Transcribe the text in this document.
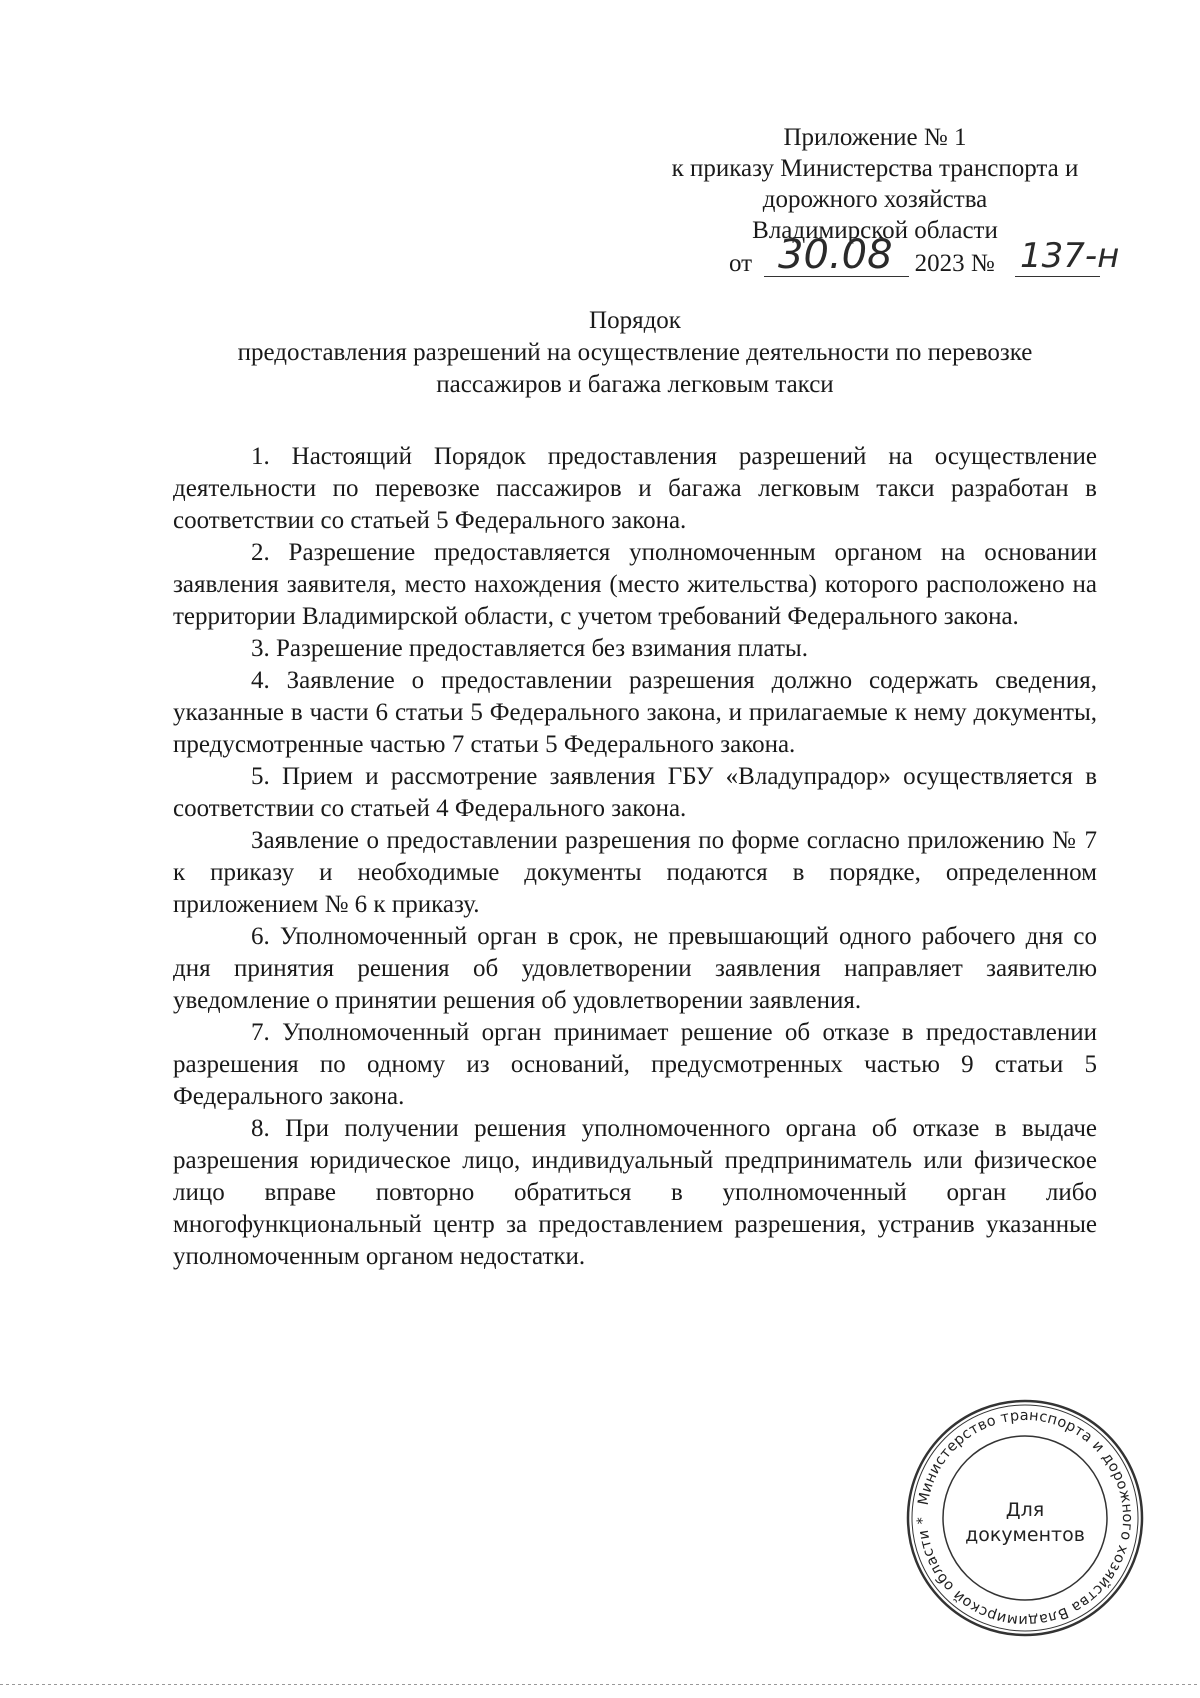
Приложение № 1
к приказу Министерства транспорта и
дорожного хозяйства
Владимирской области
от	2023 №
30.08	137-н
Порядок
предоставления разрешений на осуществление деятельности по перевозке
пассажиров и багажа легковым такси

1. Настоящий Порядок предоставления разрешений на осуществление деятельности по перевозке пассажиров и багажа легковым такси разработан в соответствии со статьей 5 Федерального закона.

2. Разрешение предоставляется уполномоченным органом на основании заявления заявителя, место нахождения (место жительства) которого расположено на территории Владимирской области, с учетом требований Федерального закона.

3. Разрешение предоставляется без взимания платы.

4. Заявление о предоставлении разрешения должно содержать сведения, указанные в части 6 статьи 5 Федерального закона, и прилагаемые к нему документы, предусмотренные частью 7 статьи 5 Федерального закона.

5. Прием и рассмотрение заявления ГБУ «Владупрадор» осуществляется в соответствии со статьей 4 Федерального закона.

Заявление о предоставлении разрешения по форме согласно приложению № 7 к приказу и необходимые документы подаются в порядке, определенном приложением № 6 к приказу.

6. Уполномоченный орган в срок, не превышающий одного рабочего дня со дня принятия решения об удовлетворении заявления направляет заявителю уведомление о принятии решения об удовлетворении заявления.

7. Уполномоченный орган принимает решение об отказе в предоставлении разрешения по одному из оснований, предусмотренных частью 9 статьи 5 Федерального закона.

8. При получении решения уполномоченного органа об отказе в выдаче разрешения юридическое лицо, индивидуальный предприниматель или физическое лицо вправе повторно обратиться в уполномоченный орган либо многофункциональный центр за предоставлением разрешения, устранив указанные уполномоченным органом недостатки.

Министерство транспорта и дорожного хозяйства Владимирской области *	Для
документов
